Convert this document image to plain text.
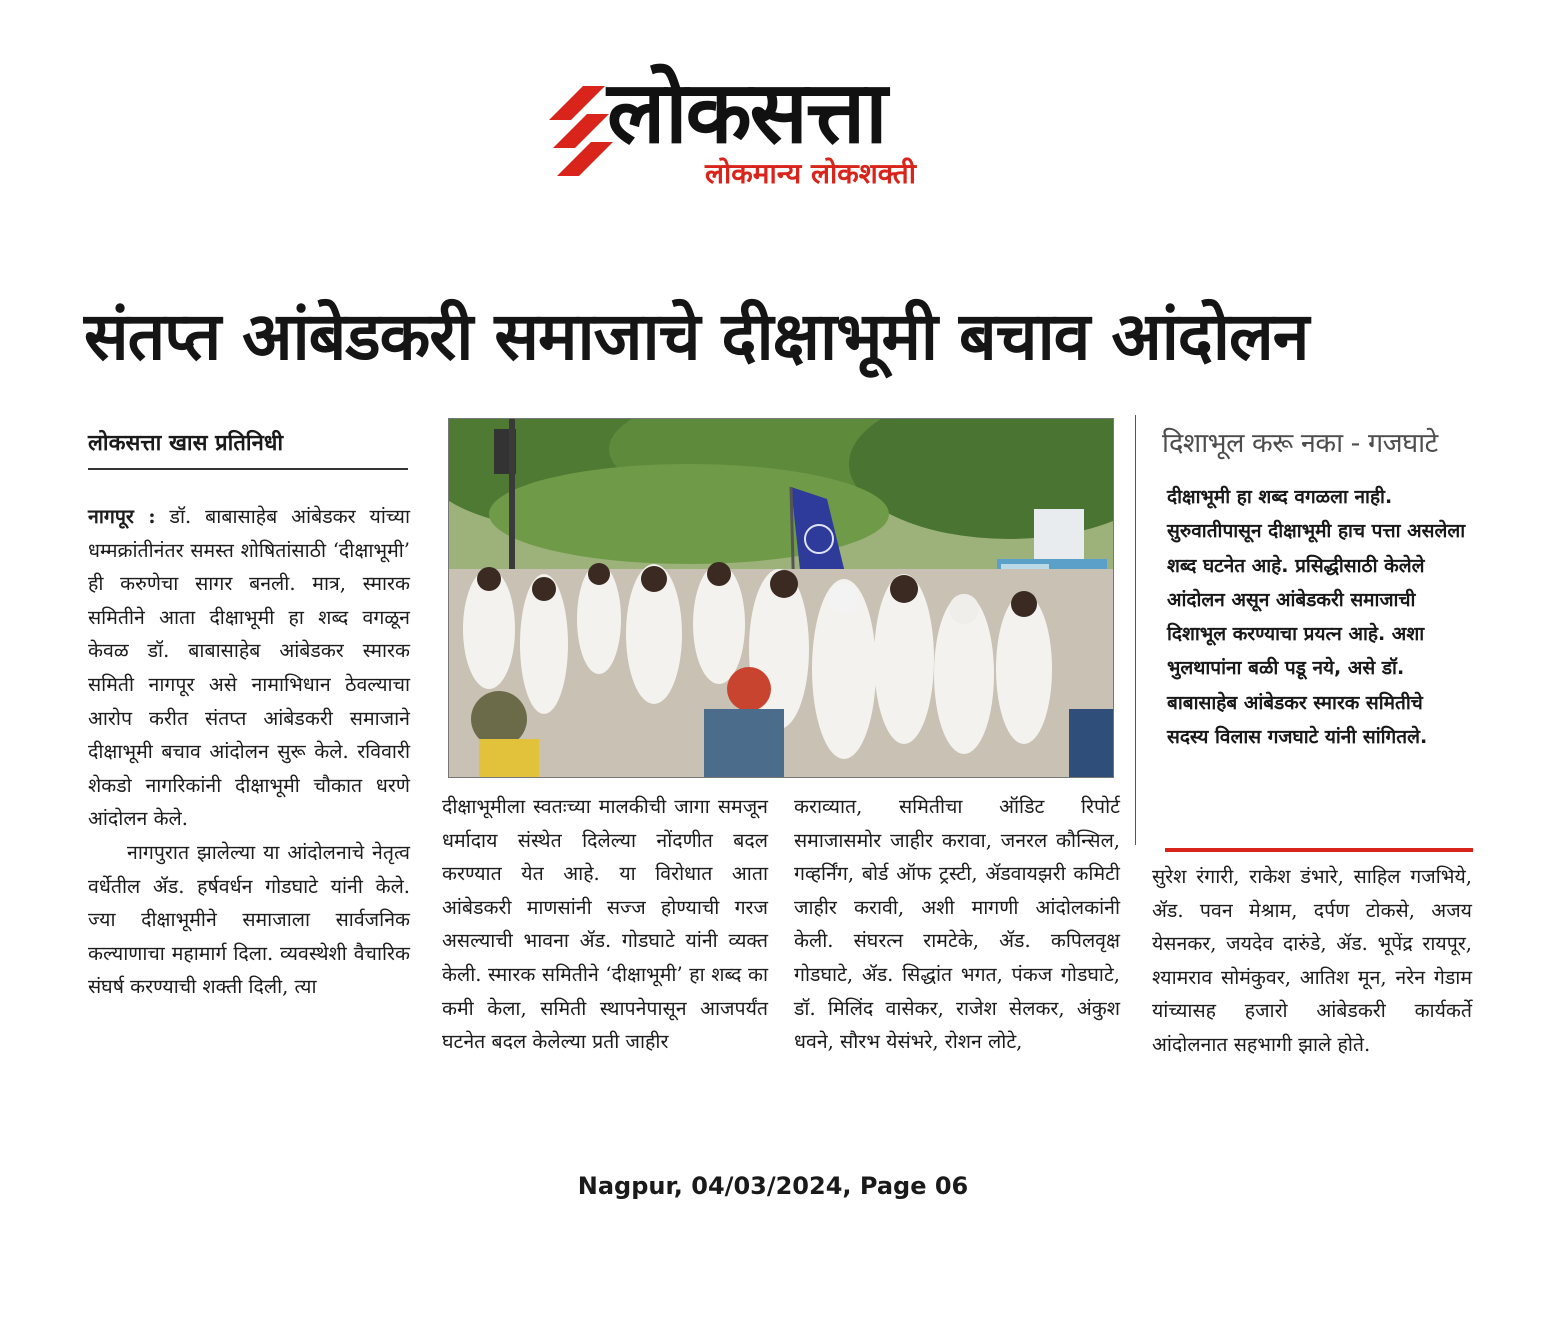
लोकसत्ता
लोकमान्य लोकशक्ती
संतप्त आंबेडकरी समाजाचे दीक्षाभूमी बचाव आंदोलन
लोकसत्ता खास प्रतिनिधी

नागपूर : डॉ. बाबासाहेब आंबेडकर यांच्या धम्मक्रांतीनंतर समस्त शोषितांसाठी ‘दीक्षाभूमी’ ही करुणेचा सागर बनली. मात्र, स्मारक समितीने आता दीक्षाभूमी हा शब्द वगळून केवळ डॉ. बाबासाहेब आंबेडकर स्मारक समिती नागपूर असे नामाभिधान ठेवल्याचा आरोप करीत संतप्त आंबेडकरी समाजाने दीक्षाभूमी बचाव आंदोलन सुरू केले. रविवारी शेकडो नागरिकांनी दीक्षाभूमी चौकात धरणे आंदोलन केले.

नागपुरात झालेल्या या आंदोलनाचे नेतृत्व वर्धेतील ॲड. हर्षवर्धन गोडघाटे यांनी केले. ज्या दीक्षाभूमीने समाजाला सार्वजनिक कल्याणाचा महामार्ग दिला. व्यवस्थेशी वैचारिक संघर्ष करण्याची शक्ती दिली, त्या

दीक्षाभूमीला स्वतःच्या मालकीची जागा समजून धर्मादाय संस्थेत दिलेल्या नोंदणीत बदल करण्यात येत आहे. या विरोधात आता आंबेडकरी माणसांनी सज्ज होण्याची गरज असल्याची भावना ॲड. गोडघाटे यांनी व्यक्त केली. स्मारक समितीने ‘दीक्षाभूमी’ हा शब्द का कमी केला, समिती स्थापनेपासून आजपर्यंत घटनेत बदल केलेल्या प्रती जाहीर

कराव्यात, समितीचा ऑडिट रिपोर्ट समाजासमोर जाहीर करावा, जनरल कौन्सिल, गव्हर्निंग, बोर्ड ऑफ ट्रस्टी, ॲडवायझरी कमिटी जाहीर करावी, अशी मागणी आंदोलकांनी केली. संघरत्न रामटेके, ॲड. कपिलवृक्ष गोडघाटे, ॲड. सिद्धांत भगत, पंकज गोडघाटे, डॉ. मिलिंद वासेकर, राजेश सेलकर, अंकुश धवने, सौरभ येसंभरे, रोशन लोटे,

दिशाभूल करू नका - गजघाटे
दीक्षाभूमी हा शब्द वगळला नाही. सुरुवातीपासून दीक्षाभूमी हाच पत्ता असलेला शब्द घटनेत आहे. प्रसिद्धीसाठी केलेले आंदोलन असून आंबेडकरी समाजाची दिशाभूल करण्याचा प्रयत्न आहे. अशा भुलथापांना बळी पडू नये, असे डॉ. बाबासाहेब आंबेडकर स्मारक समितीचे सदस्य विलास गजघाटे यांनी सांगितले.

सुरेश रंगारी, राकेश डंभारे, साहिल गजभिये, ॲड. पवन मेश्राम, दर्पण टोकसे, अजय येसनकर, जयदेव दारुंडे, ॲड. भूपेंद्र रायपूर, श्यामराव सोमंकुवर, आतिश मून, नरेन गेडाम यांच्यासह हजारो आंबेडकरी कार्यकर्ते आंदोलनात सहभागी झाले होते.

Nagpur, 04/03/2024, Page 06
